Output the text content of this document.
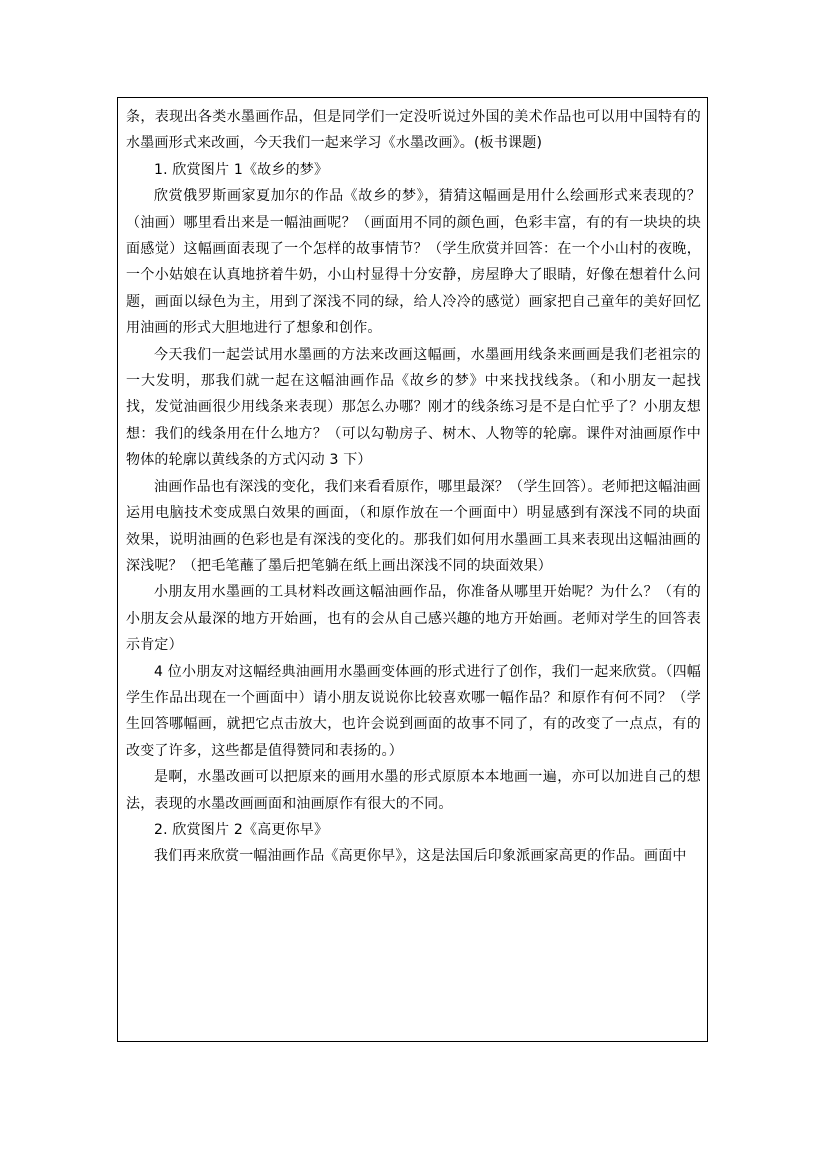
条，表现出各类水墨画作品，但是同学们一定没听说过外国的美术作品也可以用中国特有的水墨画形式来改画，今天我们一起来学习《水墨改画》。(板书课题)

1. 欣赏图片 1《故乡的梦》

欣赏俄罗斯画家夏加尔的作品《故乡的梦》，猜猜这幅画是用什么绘画形式来表现的？（油画）哪里看出来是一幅油画呢？（画面用不同的颜色画，色彩丰富，有的有一块块的块面感觉）这幅画面表现了一个怎样的故事情节？（学生欣赏并回答：在一个小山村的夜晚，一个小姑娘在认真地挤着牛奶，小山村显得十分安静，房屋睁大了眼睛，好像在想着什么问题，画面以绿色为主，用到了深浅不同的绿，给人冷冷的感觉）画家把自己童年的美好回忆用油画的形式大胆地进行了想象和创作。

今天我们一起尝试用水墨画的方法来改画这幅画，水墨画用线条来画画是我们老祖宗的一大发明，那我们就一起在这幅油画作品《故乡的梦》中来找找线条。（和小朋友一起找找，发觉油画很少用线条来表现）那怎么办哪？刚才的线条练习是不是白忙乎了？小朋友想想：我们的线条用在什么地方？（可以勾勒房子、树木、人物等的轮廓。课件对油画原作中物体的轮廓以黄线条的方式闪动 3 下）

油画作品也有深浅的变化，我们来看看原作，哪里最深？（学生回答）。老师把这幅油画运用电脑技术变成黑白效果的画面，（和原作放在一个画面中）明显感到有深浅不同的块面效果，说明油画的色彩也是有深浅的变化的。那我们如何用水墨画工具来表现出这幅油画的深浅呢？（把毛笔蘸了墨后把笔躺在纸上画出深浅不同的块面效果）

小朋友用水墨画的工具材料改画这幅油画作品，你准备从哪里开始呢？为什么？（有的小朋友会从最深的地方开始画，也有的会从自己感兴趣的地方开始画。老师对学生的回答表示肯定）

4 位小朋友对这幅经典油画用水墨画变体画的形式进行了创作，我们一起来欣赏。（四幅学生作品出现在一个画面中）请小朋友说说你比较喜欢哪一幅作品？和原作有何不同？（学生回答哪幅画，就把它点击放大，也许会说到画面的故事不同了，有的改变了一点点，有的改变了许多，这些都是值得赞同和表扬的。）

是啊，水墨改画可以把原来的画用水墨的形式原原本本地画一遍，亦可以加进自己的想法，表现的水墨改画画面和油画原作有很大的不同。

2. 欣赏图片 2《高更你早》

我们再来欣赏一幅油画作品《高更你早》，这是法国后印象派画家高更的作品。画面中
